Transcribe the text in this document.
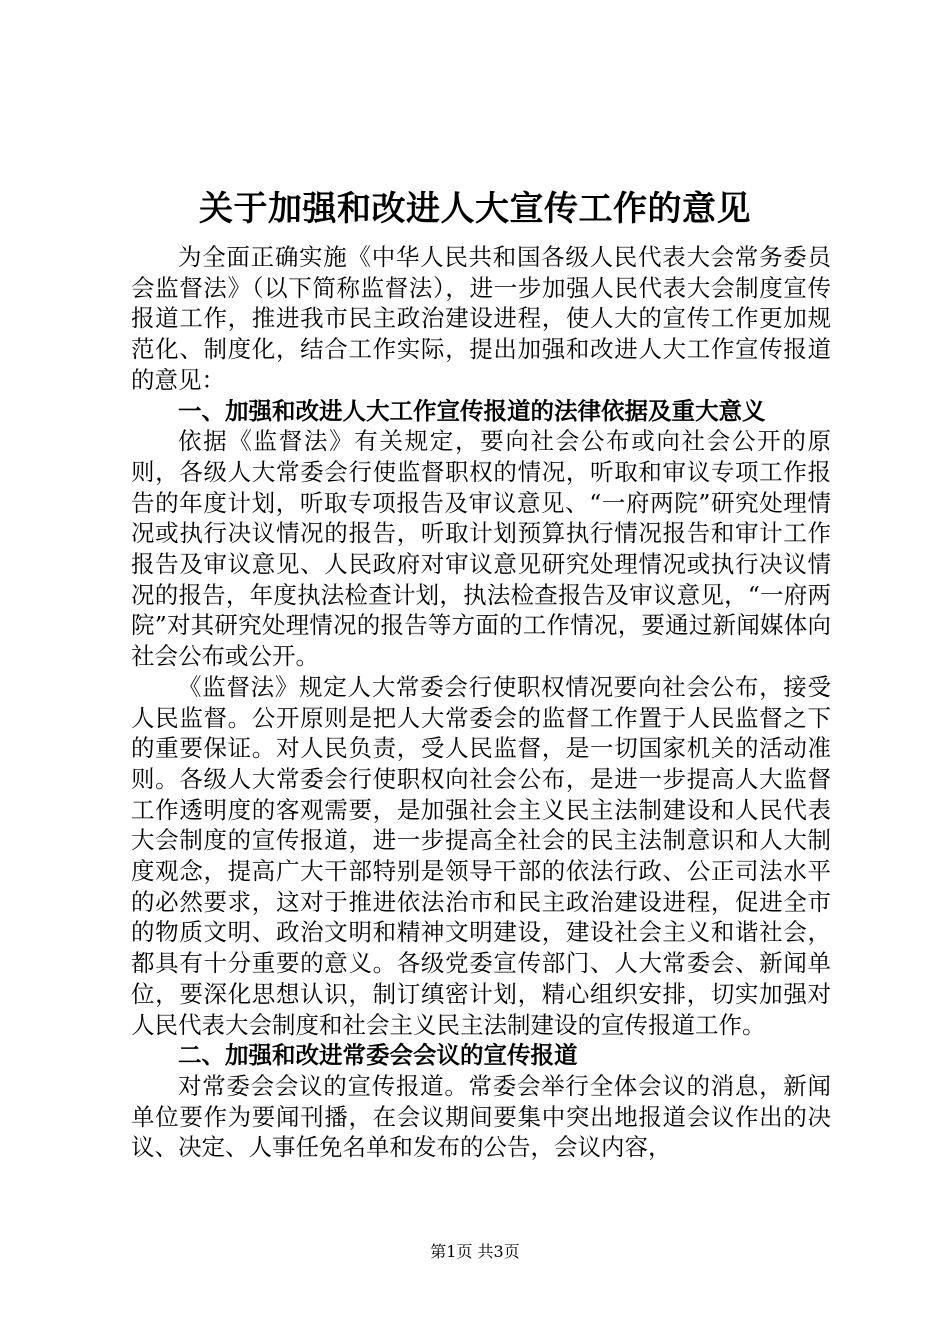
关于加强和改进人大宣传工作的意见

为全面正确实施《中华人民共和国各级人民代表大会常务委员会监督法》（以下简称监督法），进一步加强人民代表大会制度宣传报道工作，推进我市民主政治建设进程，使人大的宣传工作更加规范化、制度化，结合工作实际，提出加强和改进人大工作宣传报道的意见：

一、加强和改进人大工作宣传报道的法律依据及重大意义

依据《监督法》有关规定，要向社会公布或向社会公开的原则，各级人大常委会行使监督职权的情况，听取和审议专项工作报告的年度计划，听取专项报告及审议意见、“一府两院”研究处理情况或执行决议情况的报告，听取计划预算执行情况报告和审计工作报告及审议意见、人民政府对审议意见研究处理情况或执行决议情况的报告，年度执法检查计划，执法检查报告及审议意见，“一府两院”对其研究处理情况的报告等方面的工作情况，要通过新闻媒体向社会公布或公开。

《监督法》规定人大常委会行使职权情况要向社会公布，接受人民监督。公开原则是把人大常委会的监督工作置于人民监督之下的重要保证。对人民负责，受人民监督，是一切国家机关的活动准则。各级人大常委会行使职权向社会公布，是进一步提高人大监督工作透明度的客观需要，是加强社会主义民主法制建设和人民代表大会制度的宣传报道，进一步提高全社会的民主法制意识和人大制度观念，提高广大干部特别是领导干部的依法行政、公正司法水平的必然要求，这对于推进依法治市和民主政治建设进程，促进全市的物质文明、政治文明和精神文明建设，建设社会主义和谐社会，都具有十分重要的意义。各级党委宣传部门、人大常委会、新闻单位，要深化思想认识，制订缜密计划，精心组织安排，切实加强对人民代表大会制度和社会主义民主法制建设的宣传报道工作。

二、加强和改进常委会会议的宣传报道

对常委会会议的宣传报道。常委会举行全体会议的消息，新闻单位要作为要闻刊播，在会议期间要集中突出地报道会议作出的决议、决定、人事任免名单和发布的公告，会议内容，

第1页 共3页
